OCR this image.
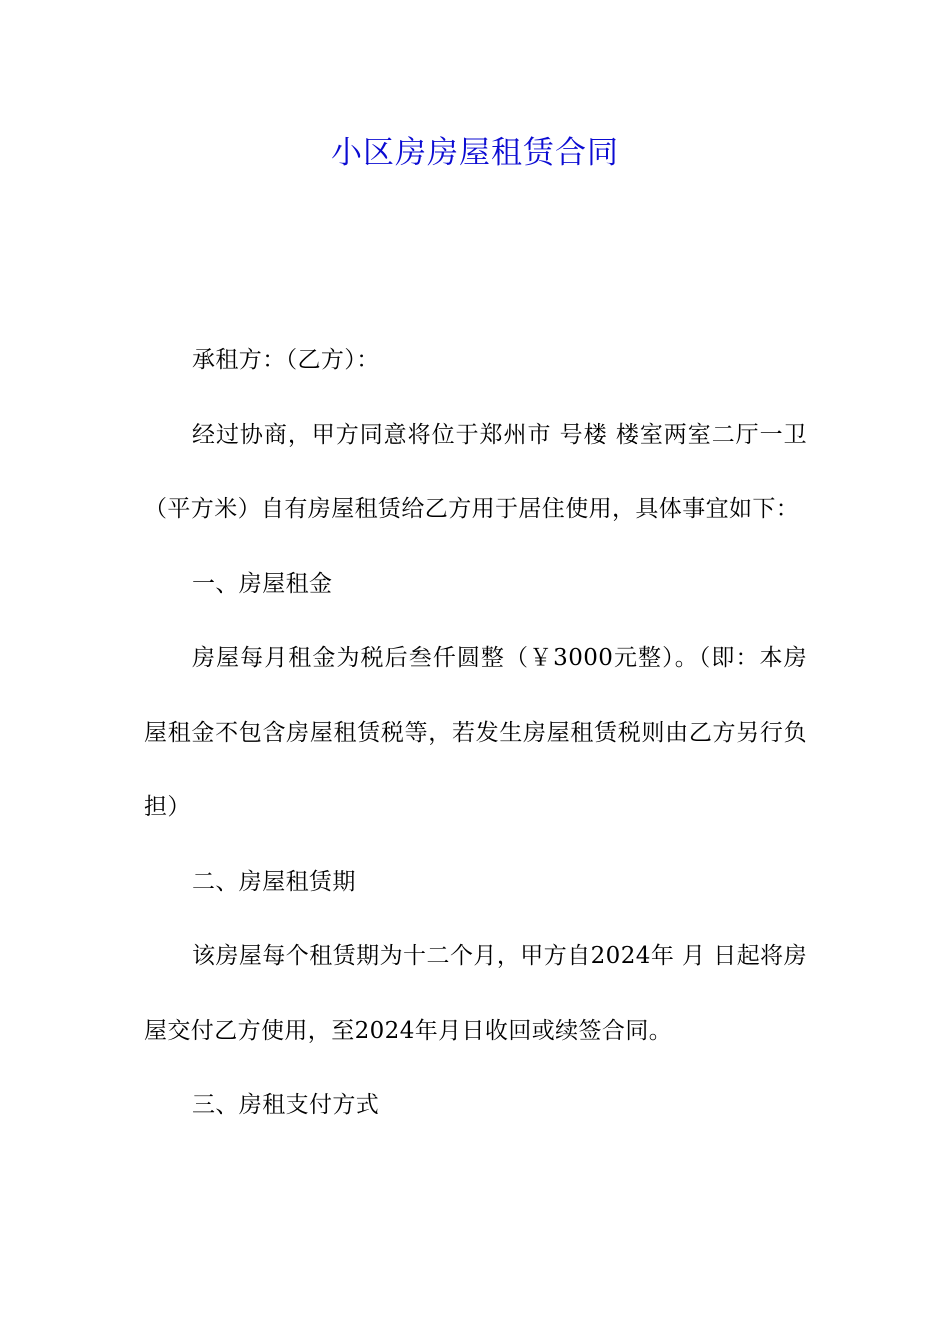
小区房房屋租赁合同

承租方：（乙方）：

经过协商，甲方同意将位于郑州市 号楼 楼室两室二厅一卫（平方米）自有房屋租赁给乙方用于居住使用，具体事宜如下：

一、房屋租金

房屋每月租金为税后叁仟圆整（￥3000元整）。（即：本房屋租金不包含房屋租赁税等，若发生房屋租赁税则由乙方另行负担）

二、房屋租赁期

该房屋每个租赁期为十二个月，甲方自2024年 月 日起将房屋交付乙方使用，至2024年月日收回或续签合同。

三、房租支付方式
